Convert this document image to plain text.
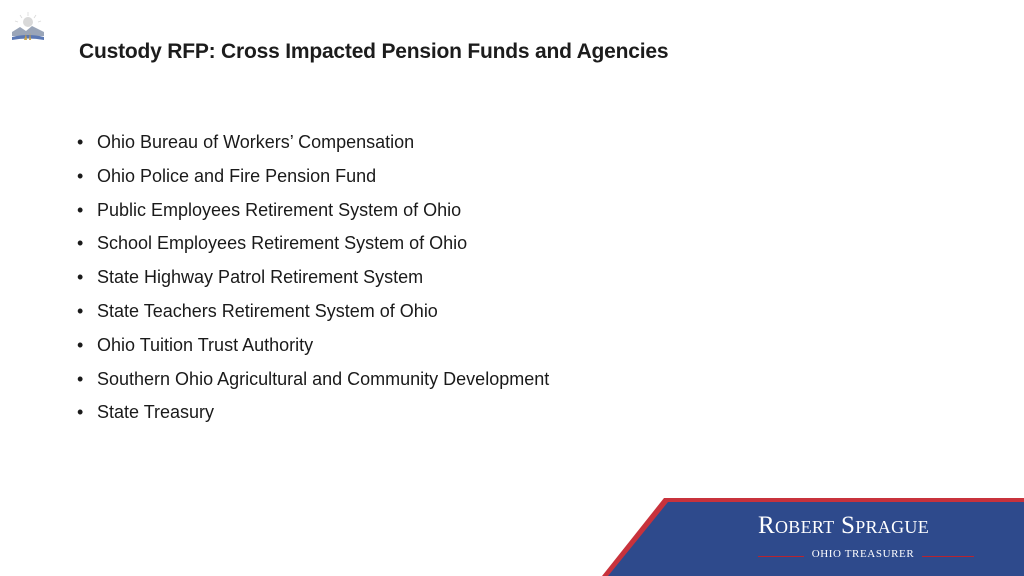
Custody RFP: Cross Impacted Pension Funds and Agencies
• Ohio Bureau of Workers’ Compensation
• Ohio Police and Fire Pension Fund
• Public Employees Retirement System of Ohio
• School Employees Retirement System of Ohio
• State Highway Patrol Retirement System
• State Teachers Retirement System of Ohio
• Ohio Tuition Trust Authority
• Southern Ohio Agricultural and Community Development
• State Treasury
ROBERT SPRAGUE
OHIO TREASURER
